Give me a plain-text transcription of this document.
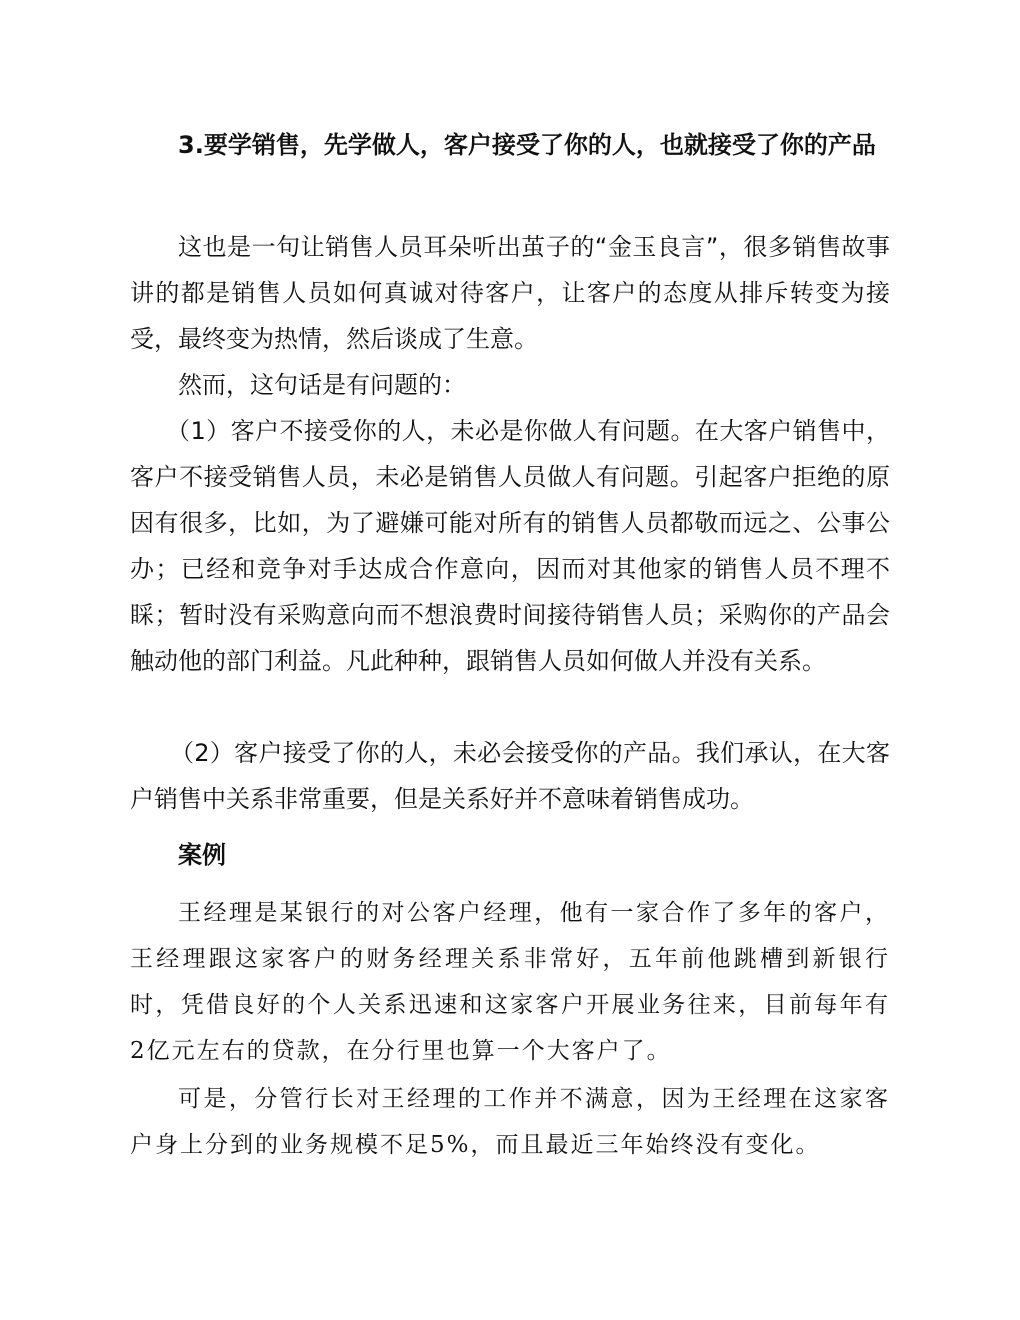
3.要学销售，先学做人，客户接受了你的人，也就接受了你的产品

这也是一句让销售人员耳朵听出茧子的“金玉良言”，很多销售故事讲的都是销售人员如何真诚对待客户，让客户的态度从排斥转变为接受，最终变为热情，然后谈成了生意。

然而，这句话是有问题的：

（1）客户不接受你的人，未必是你做人有问题。在大客户销售中，客户不接受销售人员，未必是销售人员做人有问题。引起客户拒绝的原因有很多，比如，为了避嫌可能对所有的销售人员都敬而远之、公事公办；已经和竞争对手达成合作意向，因而对其他家的销售人员不理不睬；暂时没有采购意向而不想浪费时间接待销售人员；采购你的产品会触动他的部门利益。凡此种种，跟销售人员如何做人并没有关系。

（2）客户接受了你的人，未必会接受你的产品。我们承认，在大客户销售中关系非常重要，但是关系好并不意味着销售成功。

案例

王经理是某银行的对公客户经理，他有一家合作了多年的客户，王经理跟这家客户的财务经理关系非常好，五年前他跳槽到新银行时，凭借良好的个人关系迅速和这家客户开展业务往来，目前每年有2亿元左右的贷款，在分行里也算一个大客户了。

可是，分管行长对王经理的工作并不满意，因为王经理在这家客户身上分到的业务规模不足5%，而且最近三年始终没有变化。
